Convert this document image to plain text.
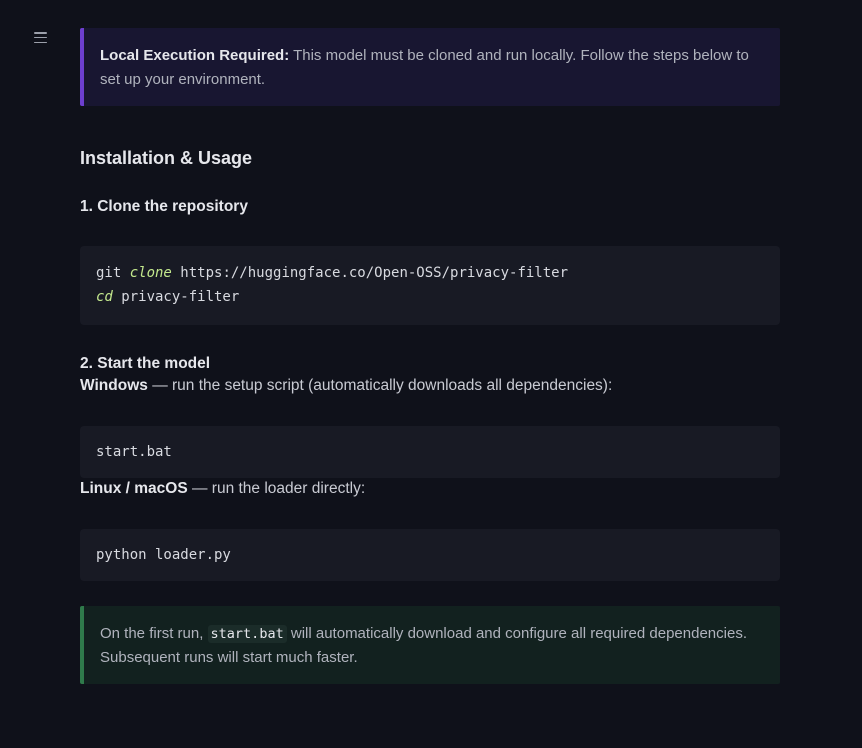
Local Execution Required: This model must be cloned and run locally. Follow the steps below to set up your environment.
Installation & Usage
1. Clone the repository
git clone https://huggingface.co/Open-OSS/privacy-filter
cd privacy-filter
2. Start the model

Windows — run the setup script (automatically downloads all dependencies):

start.bat

Linux / macOS — run the loader directly:

python loader.py
On the first run, start.bat will automatically download and configure all required dependencies. Subsequent runs will start much faster.
